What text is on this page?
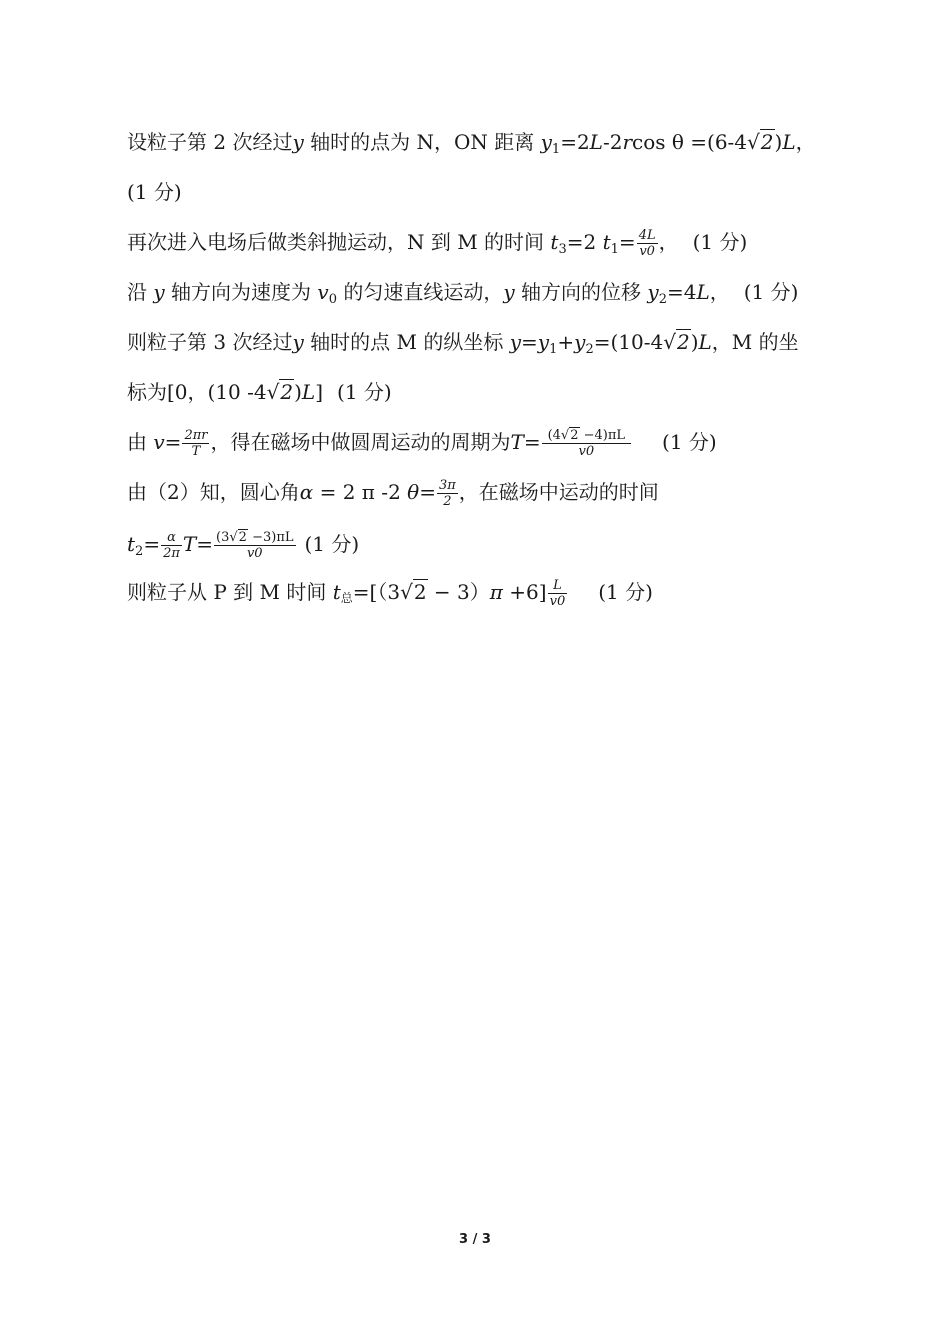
设粒子第 2 次经过y 轴时的点为 N，ON 距离 $y_1=2L-2rcos$ θ =(6-4√2)L，
(1 分)
再次进入电场后做类斜抛运动，N 到 M 的时间 $t_3=2$ $t_1= \frac{4L}{v0}$ ， (1 分)
沿 y 轴方向为速度为 $v_0$ 的匀速直线运动，y 轴方向的位移 $y_2=4L$， (1 分)
则粒子第 3 次经过y 轴时的点 M 的纵坐标 $y=y_1+y_2=(10-4√2)L$，M 的坐
标为[0，(10 -4√2)L] (1 分)
由 $v= \frac{2\pi r}{T}$ ，得在磁场中做圆周运动的周期为$T= \frac{(4√2 -4)\pi L}{v0} (1$ 分)
由（2）知，圆心角α = 2 π -2 $\theta= \frac{3\pi}{2}$ ，在磁场中运动的时间
$t_2= \frac{\alpha}{2\pi} T= \frac{(3√2 -3)\pi L}{v0} (1$ 分)
则粒子从 P 到 M 时间 t总$=[(3√2 - 3)\pi +6] \frac{L}{v0} (1$ 分)
3 / 3
